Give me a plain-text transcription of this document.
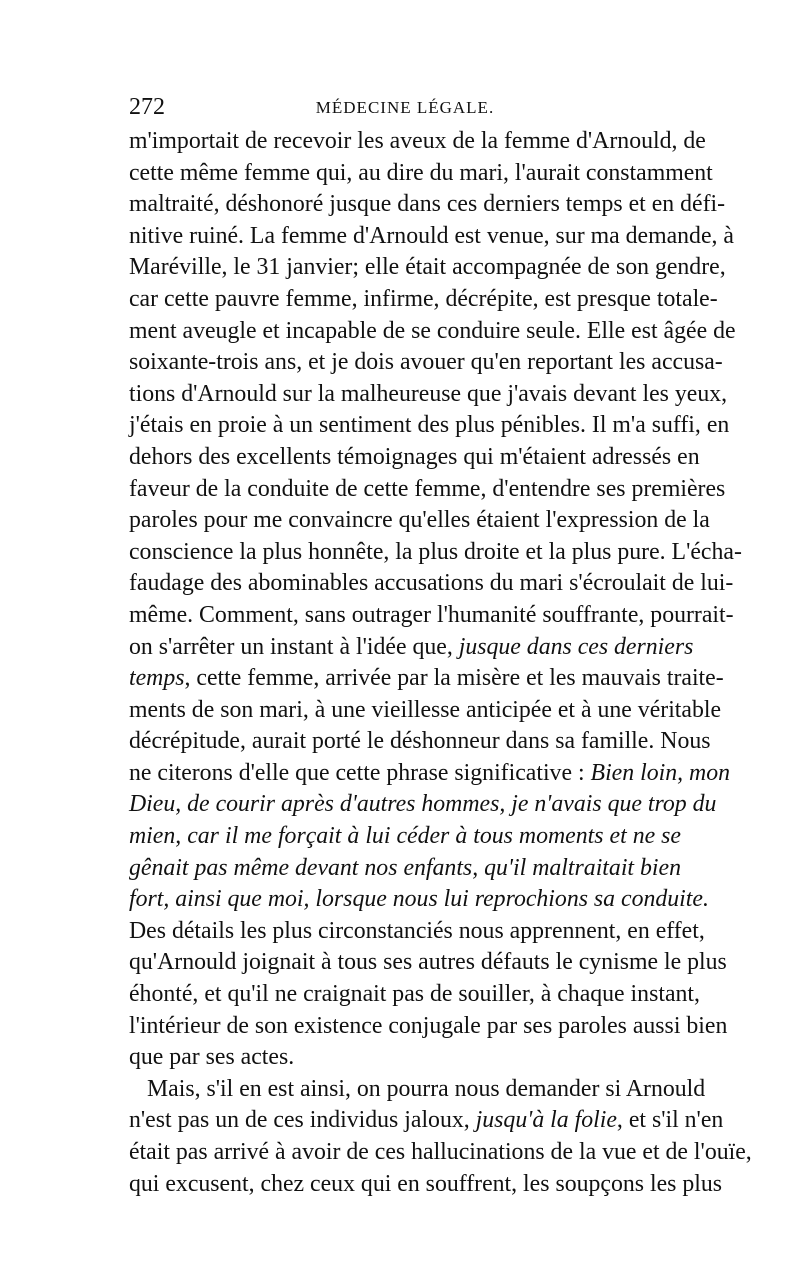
272	MÉDECINE LÉGALE.
m'importait de recevoir les aveux de la femme d'Arnould, de
cette même femme qui, au dire du mari, l'aurait constamment
maltraité, déshonoré jusque dans ces derniers temps et en défi-
nitive ruiné. La femme d'Arnould est venue, sur ma demande, à
Maréville, le 31 janvier; elle était accompagnée de son gendre,
car cette pauvre femme, infirme, décrépite, est presque totale-
ment aveugle et incapable de se conduire seule. Elle est âgée de
soixante-trois ans, et je dois avouer qu'en reportant les accusa-
tions d'Arnould sur la malheureuse que j'avais devant les yeux,
j'étais en proie à un sentiment des plus pénibles. Il m'a suffi, en
dehors des excellents témoignages qui m'étaient adressés en
faveur de la conduite de cette femme, d'entendre ses premières
paroles pour me convaincre qu'elles étaient l'expression de la
conscience la plus honnête, la plus droite et la plus pure. L'écha-
faudage des abominables accusations du mari s'écroulait de lui-
même. Comment, sans outrager l'humanité souffrante, pourrait-
on s'arrêter un instant à l'idée que, jusque dans ces derniers
temps, cette femme, arrivée par la misère et les mauvais traite-
ments de son mari, à une vieillesse anticipée et à une véritable
décrépitude, aurait porté le déshonneur dans sa famille. Nous
ne citerons d'elle que cette phrase significative : Bien loin, mon
Dieu, de courir après d'autres hommes, je n'avais que trop du
mien, car il me forçait à lui céder à tous moments et ne se
gênait pas même devant nos enfants, qu'il maltraitait bien
fort, ainsi que moi, lorsque nous lui reprochions sa conduite.
Des détails les plus circonstanciés nous apprennent, en effet,
qu'Arnould joignait à tous ses autres défauts le cynisme le plus
éhonté, et qu'il ne craignait pas de souiller, à chaque instant,
l'intérieur de son existence conjugale par ses paroles aussi bien
que par ses actes.
Mais, s'il en est ainsi, on pourra nous demander si Arnould
n'est pas un de ces individus jaloux, jusqu'à la folie, et s'il n'en
était pas arrivé à avoir de ces hallucinations de la vue et de l'ouïe,
qui excusent, chez ceux qui en souffrent, les soupçons les plus
